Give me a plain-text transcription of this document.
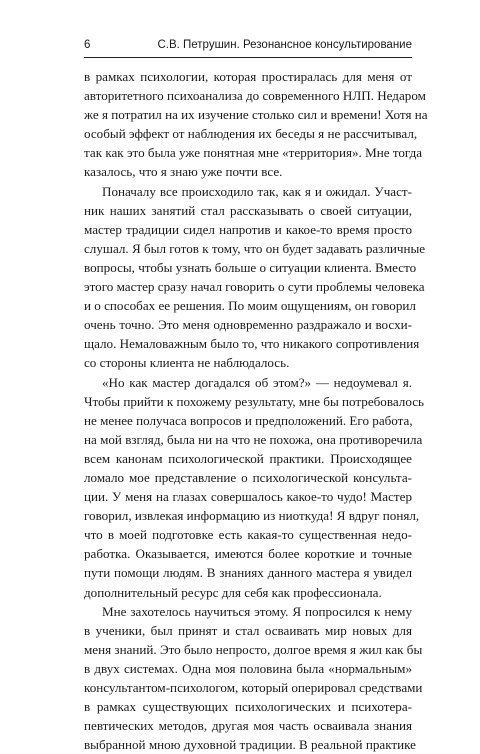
6	С.В. Петрушин. Резонансное консультирование
в рамках психологии, которая простиралась для меня от
авторитетного психоанализа до современного НЛП. Недаром
же я потратил на их изучение столько сил и времени! Хотя на
особый эффект от наблюдения их беседы я не рассчитывал,
так как это была уже понятная мне «территория». Мне тогда
казалось, что я знаю уже почти все.
Поначалу все происходило так, как я и ожидал. Участ-
ник наших занятий стал рассказывать о своей ситуации,
мастер традиции сидел напротив и какое-то время просто
слушал. Я был готов к тому, что он будет задавать различные
вопросы, чтобы узнать больше о ситуации клиента. Вместо
этого мастер сразу начал говорить о сути проблемы человека
и о способах ее решения. По моим ощущениям, он говорил
очень точно. Это меня одновременно раздражало и восхи-
щало. Немаловажным было то, что никакого сопротивления
со стороны клиента не наблюдалось.
«Но как мастер догадался об этом?» — недоумевал я.
Чтобы прийти к похожему результату, мне бы потребовалось
не менее получаса вопросов и предположений. Его работа,
на мой взгляд, была ни на что не похожа, она противоречила
всем канонам психологической практики. Происходящее
ломало мое представление о психологической консульта-
ции. У меня на глазах совершалось какое-то чудо! Мастер
говорил, извлекая информацию из ниоткуда! Я вдруг понял,
что в моей подготовке есть какая-то существенная недо-
работка. Оказывается, имеются более короткие и точные
пути помощи людям. В знаниях данного мастера я увидел
дополнительный ресурс для себя как профессионала.
Мне захотелось научиться этому. Я попросился к нему
в ученики, был принят и стал осваивать мир новых для
меня знаний. Это было непросто, долгое время я жил как бы
в двух системах. Одна моя половина была «нормальным»
консультантом-психологом, который оперировал средствами
в рамках существующих психологических и психотера-
певтических методов, другая моя часть осваивала знания
выбранной мною духовной традиции. В реальной практике
